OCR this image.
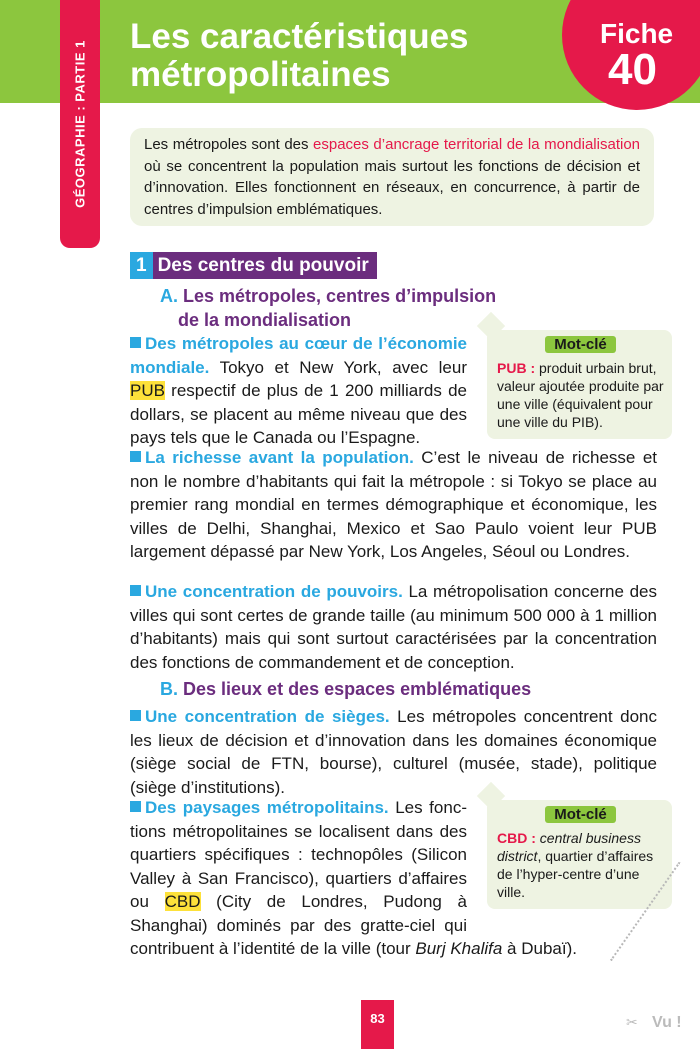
Les caractéristiques
métropolitaines
Fiche
40
GÉOGRAPHIE : PARTIE 1	Les métropoles sont des espaces d’ancrage territorial de la mondialisation où se concentrent la population mais surtout les fonctions de décision et d’innovation. Elles fonctionnent en réseaux, en concurrence, à partir de centres d’impulsion emblématiques.

1 Des centres du pouvoir

A. Les métropoles, centres d’impulsion
de la mondialisation

Des métropoles au cœur de l’économie mondiale. Tokyo et New York, avec leur PUB respectif de plus de 1 200 milliards de dollars, se placent au même niveau que des pays tels que le Canada ou l’Espagne.

Mot-clé
PUB : produit urbain brut, valeur ajoutée produite par une ville (équivalent pour une ville du PIB).

La richesse avant la population. C’est le niveau de richesse et non le nombre d’habitants qui fait la métropole : si Tokyo se place au premier rang mondial en termes démographique et économique, les villes de Delhi, Shanghai, Mexico et Sao Paulo voient leur PUB largement dépassé par New York, Los Angeles, Séoul ou Londres.

Une concentration de pouvoirs. La métropolisation concerne des villes qui sont certes de grande taille (au minimum 500 000 à 1 million d’habitants) mais qui sont surtout caractérisées par la concentration des fonctions de commandement et de conception.

B. Des lieux et des espaces emblématiques

Une concentration de sièges. Les métropoles concentrent donc les lieux de décision et d’innovation dans les domaines économique (siège social de FTN, bourse), culturel (musée, stade), politique (siège d’institutions).

Des paysages métropolitains. Les fonctions métropolitaines se localisent dans des quartiers spécifiques : technopôles (Silicon Valley à San Francisco), quartiers d’affaires ou CBD (City de Londres, Pudong à Shanghai) dominés par des gratte-ciel qui contribuent à l’identité de la ville (tour Burj Khalifa à Dubaï).

Mot-clé
CBD : central business district, quartier d’affaires de l’hyper-centre d’une ville.
83	✂ Vu !
